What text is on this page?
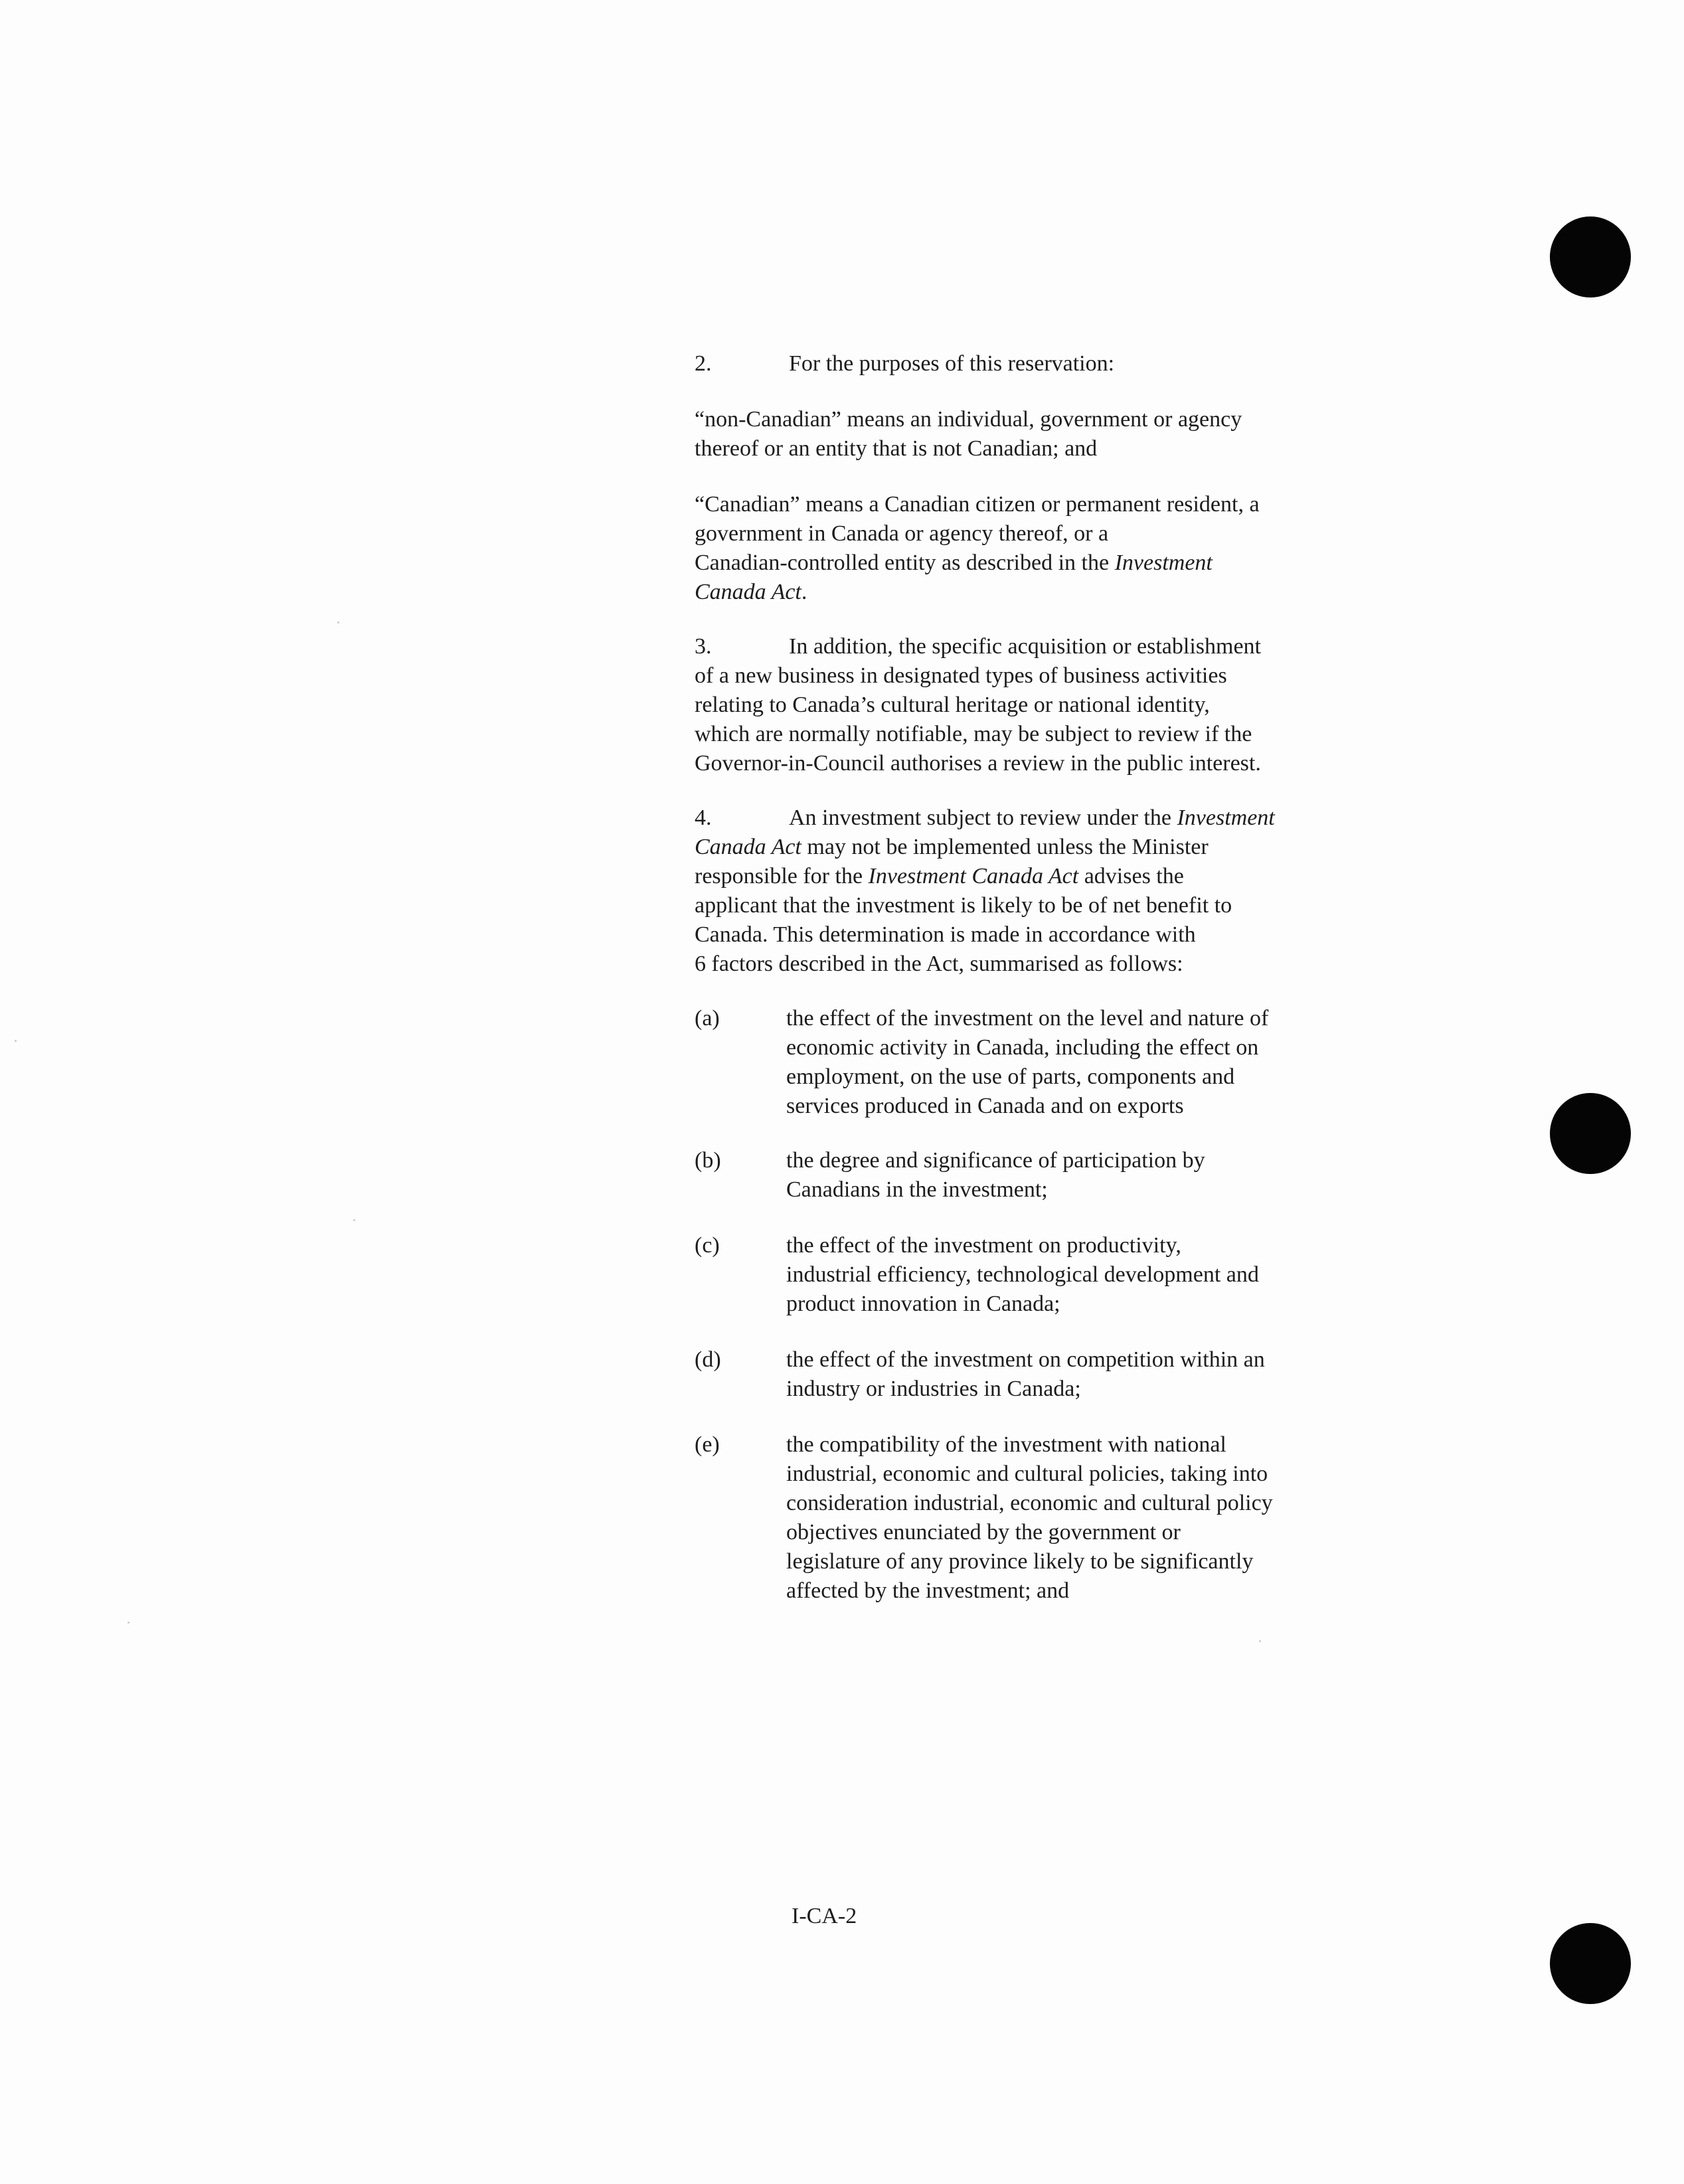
2.	For the purposes of this reservation:
“non-Canadian” means an individual, government or agency
thereof or an entity that is not Canadian; and
“Canadian” means a Canadian citizen or permanent resident, a
government in Canada or agency thereof, or a
Canadian-controlled entity as described in the Investment
Canada Act.
3.	In addition, the specific acquisition or establishment
of a new business in designated types of business activities
relating to Canada’s cultural heritage or national identity,
which are normally notifiable, may be subject to review if the
Governor-in-Council authorises a review in the public interest.
4.	An investment subject to review under the Investment
Canada Act may not be implemented unless the Minister
responsible for the Investment Canada Act advises the
applicant that the investment is likely to be of net benefit to
Canada. This determination is made in accordance with
6 factors described in the Act, summarised as follows:
(a)	the effect of the investment on the level and nature of
economic activity in Canada, including the effect on
employment, on the use of parts, components and
services produced in Canada and on exports
(b)	the degree and significance of participation by
Canadians in the investment;
(c)	the effect of the investment on productivity,
industrial efficiency, technological development and
product innovation in Canada;
(d)	the effect of the investment on competition within an
industry or industries in Canada;
(e)	the compatibility of the investment with national
industrial, economic and cultural policies, taking into
consideration industrial, economic and cultural policy
objectives enunciated by the government or
legislature of any province likely to be significantly
affected by the investment; and
I-CA-2
